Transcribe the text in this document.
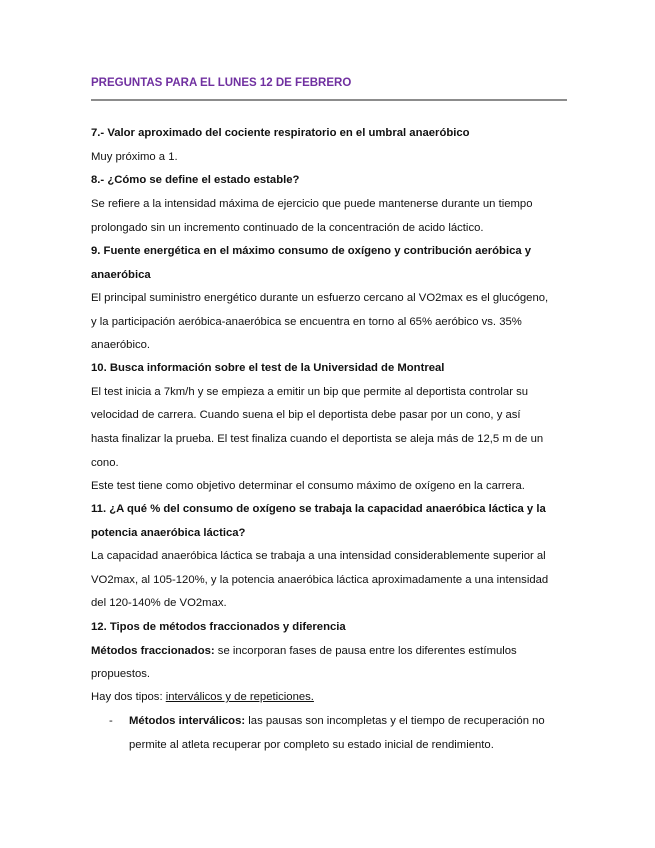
PREGUNTAS PARA EL LUNES 12 DE FEBRERO
7.- Valor aproximado del cociente respiratorio en el umbral anaeróbico
Muy próximo a 1.
8.- ¿Cómo se define el estado estable?
Se refiere a la intensidad máxima de ejercicio que puede mantenerse durante un tiempo
prolongado sin un incremento continuado de la concentración de acido láctico.
9. Fuente energética en el máximo consumo de oxígeno y contribución aeróbica y
anaeróbica
El principal suministro energético durante un esfuerzo cercano al VO2max es el glucógeno,
y la participación aeróbica-anaeróbica se encuentra en torno al 65% aeróbico vs. 35%
anaeróbico.
10. Busca información sobre el test de la Universidad de Montreal
El test inicia a 7km/h y se empieza a emitir un bip que permite al deportista controlar su
velocidad de carrera. Cuando suena el bip el deportista debe pasar por un cono, y así
hasta finalizar la prueba. El test finaliza cuando el deportista se aleja más de 12,5 m de un
cono.
Este test tiene como objetivo determinar el consumo máximo de oxígeno en la carrera.
11. ¿A qué % del consumo de oxígeno se trabaja la capacidad anaeróbica láctica y la
potencia anaeróbica láctica?
La capacidad anaeróbica láctica se trabaja a una intensidad considerablemente superior al
VO2max, al 105-120%, y la potencia anaeróbica láctica aproximadamente a una intensidad
del 120-140% de VO2max.
12. Tipos de métodos fraccionados y diferencia
Métodos fraccionados: se incorporan fases de pausa entre los diferentes estímulos
propuestos.
Hay dos tipos: interválicos y de repeticiones.
- Métodos interválicos: las pausas son incompletas y el tiempo de recuperación no
permite al atleta recuperar por completo su estado inicial de rendimiento.
